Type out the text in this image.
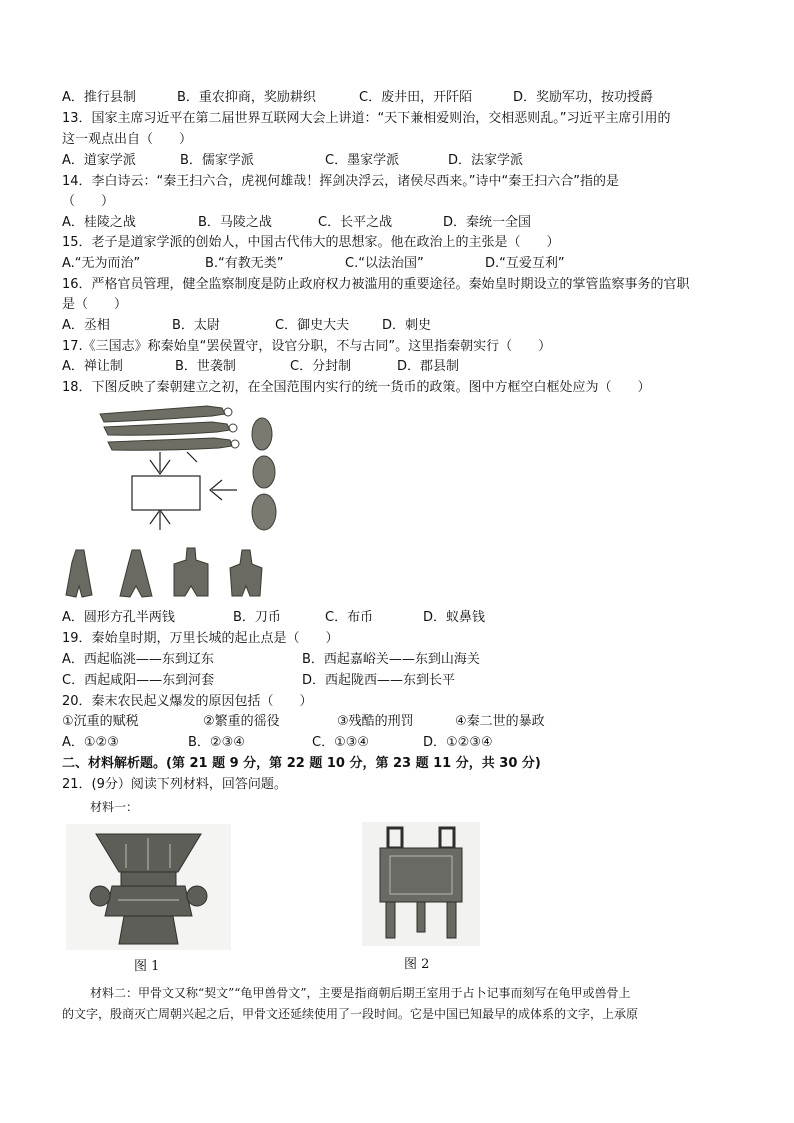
A．推行县制	B．重农抑商，奖励耕织	C．废井田，开阡陌	D．奖励军功，按功授爵
13．国家主席习近平在第二届世界互联网大会上讲道：“天下兼相爱则治，交相恶则乱。”习近平主席引用的
这一观点出自（　　）
A．道家学派	B．儒家学派	C．墨家学派	D．法家学派
14．李白诗云：“秦王扫六合，虎视何雄哉！挥剑决浮云，诸侯尽西来。”诗中“秦王扫六合”指的是
（　　）
A．桂陵之战	B．马陵之战	C．长平之战	D．秦统一全国
15．老子是道家学派的创始人，中国古代伟大的思想家。他在政治上的主张是（　　）
A.“无为而治”	B.“有教无类”	C.“以法治国”	D.“互爱互利”
16．严格官员管理，健全监察制度是防止政府权力被滥用的重要途径。秦始皇时期设立的掌管监察事务的官职
是（　　）
A．丞相	B．太尉	C．御史大夫	D．刺史
17.《三国志》称秦始皇“罢侯置守，设官分职，不与古同”。这里指秦朝实行（　　）
A．禅让制	B．世袭制	C．分封制	D．郡县制
18．下图反映了秦朝建立之初，在全国范围内实行的统一货币的政策。图中方框空白框处应为（　　）
A．圆形方孔半两钱	B．刀币	C．布币	D．蚁鼻钱
19．秦始皇时期，万里长城的起止点是（　　）
A．西起临洮——东到辽东	B．西起嘉峪关——东到山海关
C．西起咸阳——东到河套	D．西起陇西——东到长平
20．秦末农民起义爆发的原因包括（　　）
①沉重的赋税	②繁重的徭役	③残酷的刑罚	④秦二世的暴政
A．①②③	B．②③④	C．①③④	D．①②③④
二、材料解析题。(第 21 题 9 分，第 22 题 10 分，第 23 题 11 分，共 30 分)
21．(9分）阅读下列材料，回答问题。
材料一：
图 1	图 2
材料二：甲骨文又称“契文”“龟甲兽骨文”，主要是指商朝后期王室用于占卜记事而刻写在龟甲或兽骨上
的文字，殷商灭亡周朝兴起之后，甲骨文还延续使用了一段时间。它是中国已知最早的成体系的文字，上承原
